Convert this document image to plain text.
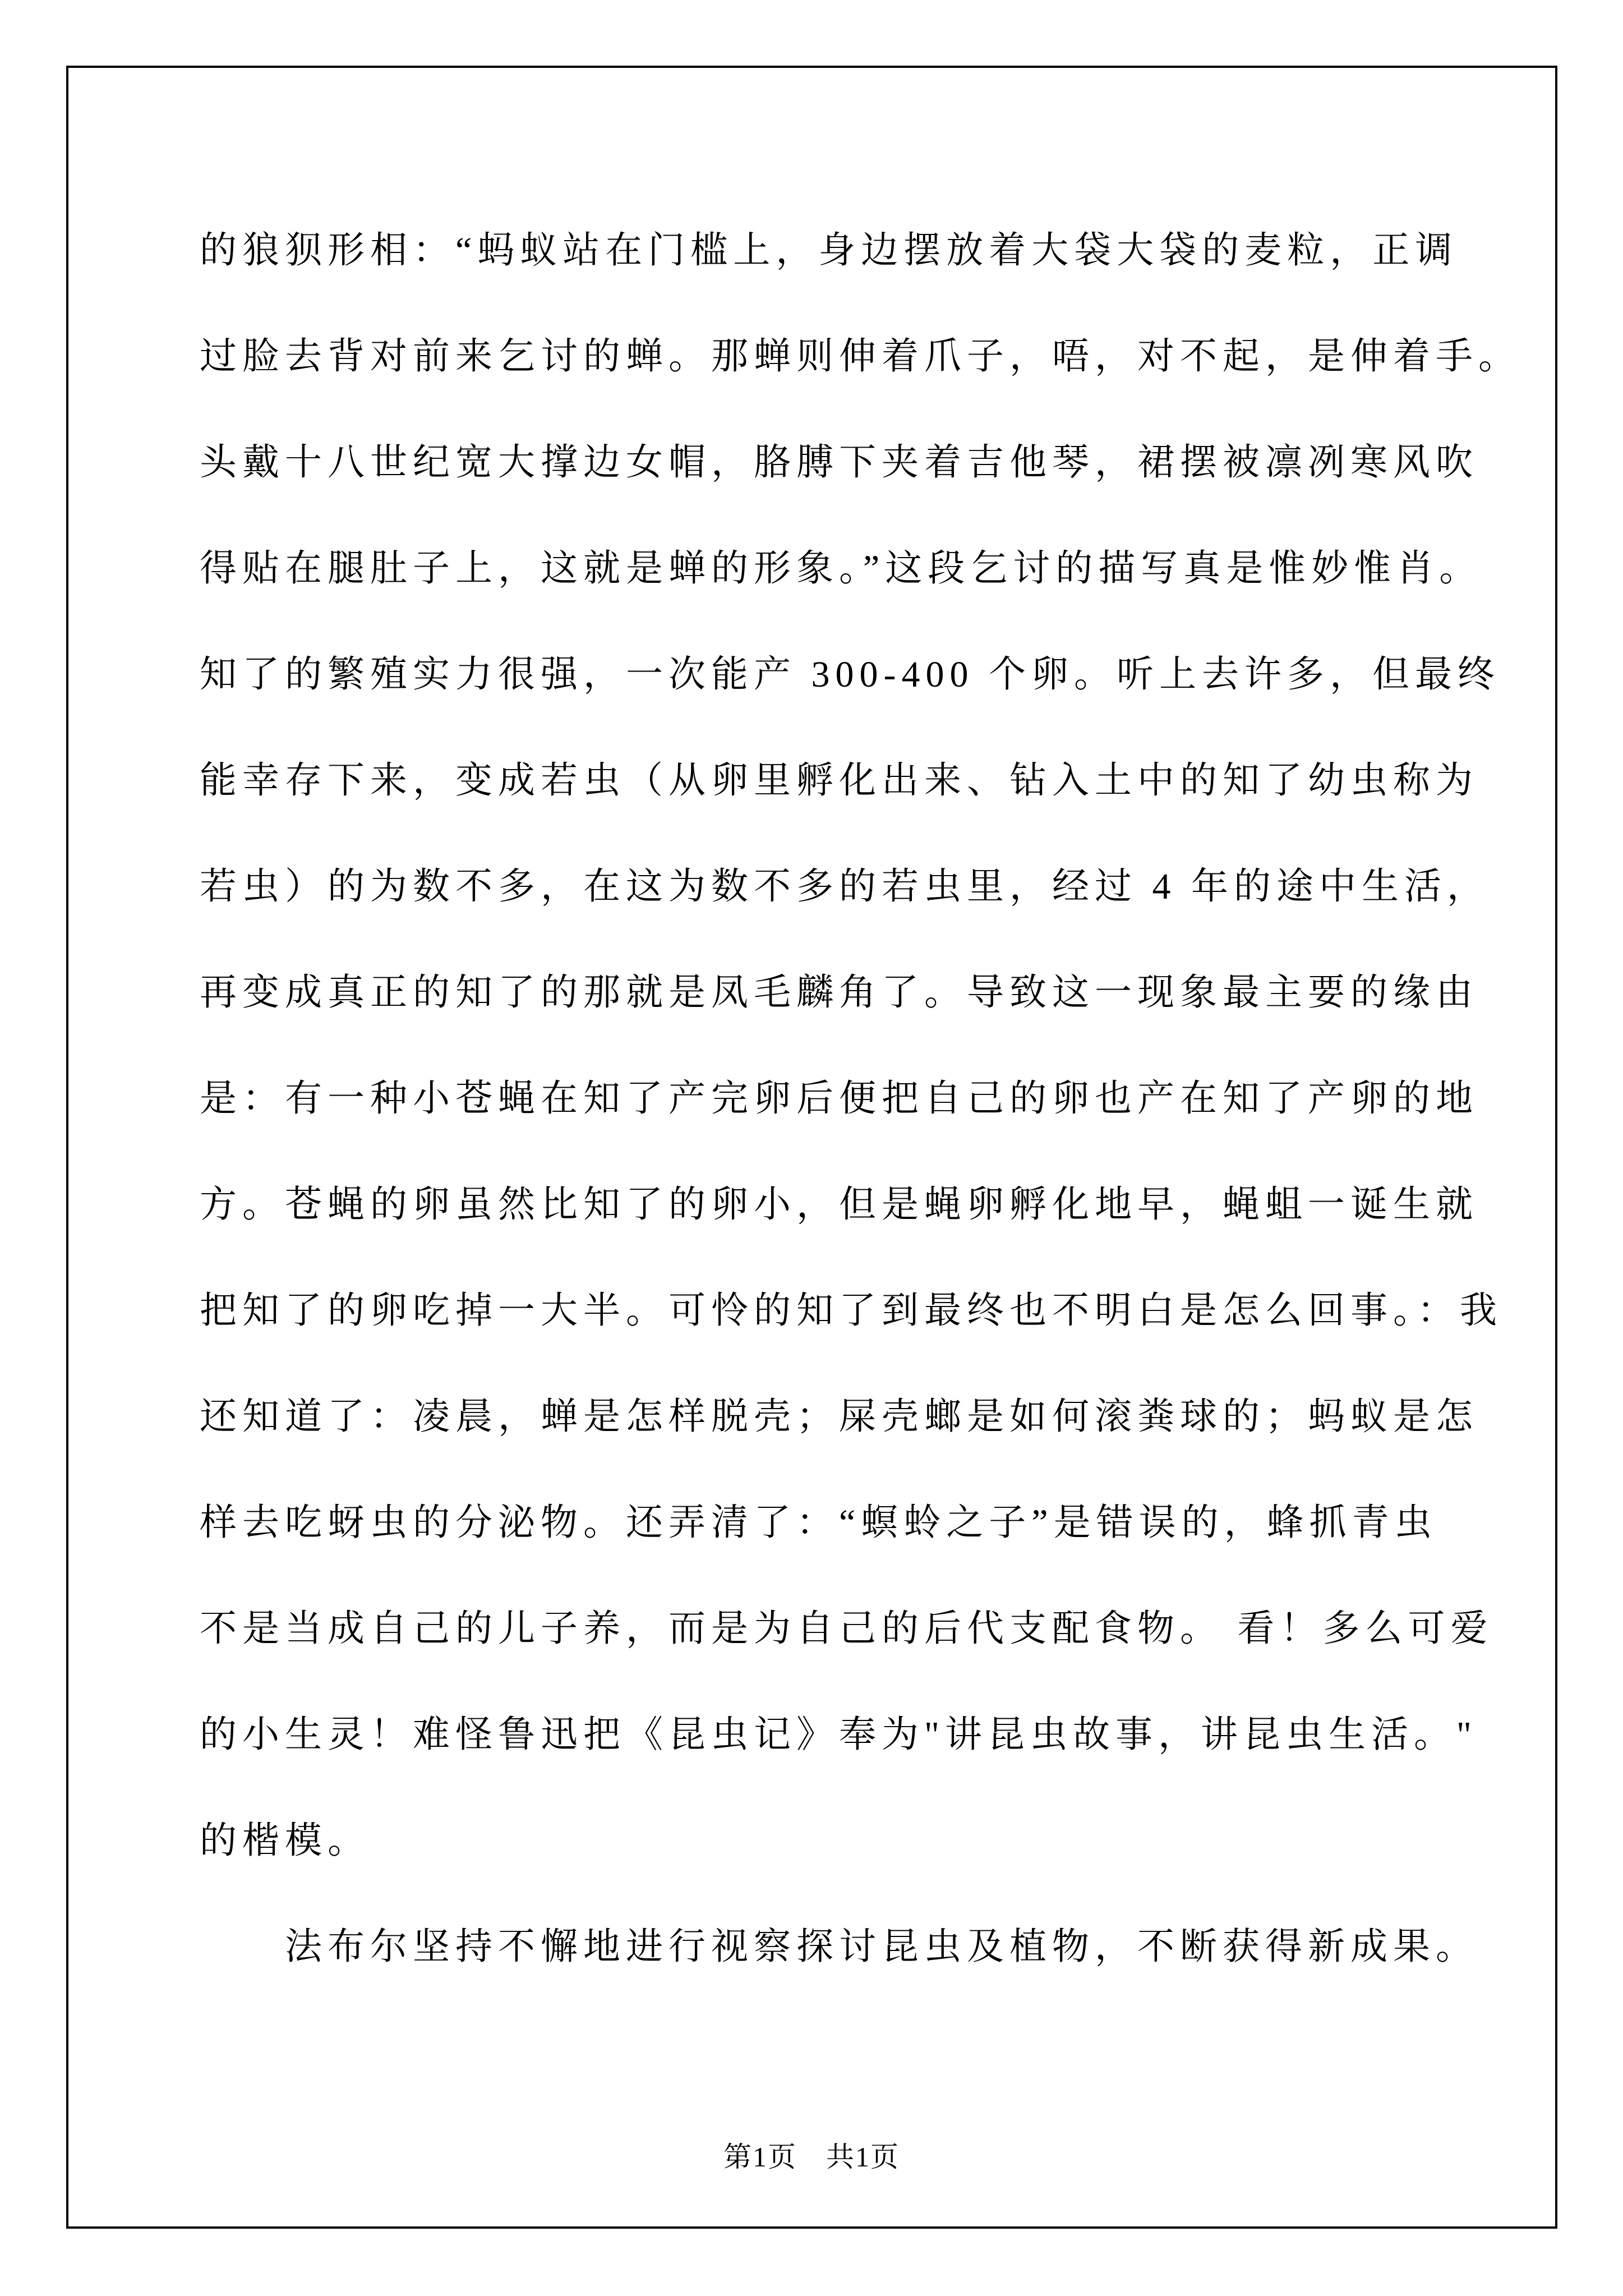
的狼狈形相：“蚂蚁站在门槛上，身边摆放着大袋大袋的麦粒，正调
过脸去背对前来乞讨的蝉。那蝉则伸着爪子，唔，对不起，是伸着手。
头戴十八世纪宽大撑边女帽，胳膊下夹着吉他琴，裙摆被凛冽寒风吹
得贴在腿肚子上，这就是蝉的形象。”这段乞讨的描写真是惟妙惟肖。
知了的繁殖实力很强，一次能产 300-400 个卵。听上去许多，但最终
能幸存下来，变成若虫（从卵里孵化出来、钻入土中的知了幼虫称为
若虫）的为数不多，在这为数不多的若虫里，经过 4 年的途中生活，
再变成真正的知了的那就是凤毛麟角了。导致这一现象最主要的缘由
是：有一种小苍蝇在知了产完卵后便把自己的卵也产在知了产卵的地
方。苍蝇的卵虽然比知了的卵小，但是蝇卵孵化地早，蝇蛆一诞生就
把知了的卵吃掉一大半。可怜的知了到最终也不明白是怎么回事。：我
还知道了：凌晨，蝉是怎样脱壳；屎壳螂是如何滚粪球的；蚂蚁是怎
样去吃蚜虫的分泌物。还弄清了：“螟蛉之子”是错误的，蜂抓青虫
不是当成自己的儿子养，而是为自己的后代支配食物。 看！多么可爱
的小生灵！难怪鲁迅把《昆虫记》奉为"讲昆虫故事，讲昆虫生活。"
的楷模。
法布尔坚持不懈地进行视察探讨昆虫及植物，不断获得新成果。
第1页　共1页
